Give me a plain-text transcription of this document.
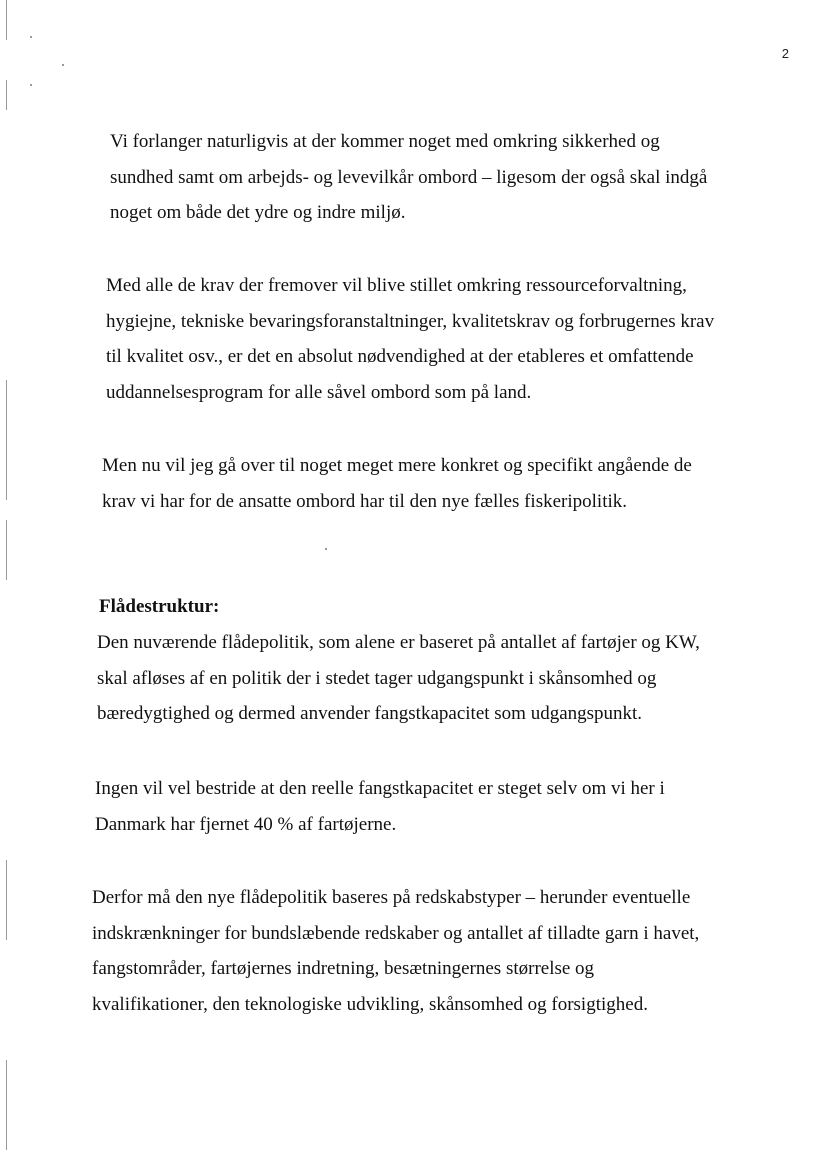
2

Vi forlanger naturligvis at der kommer noget med omkring sikkerhed og
sundhed samt om arbejds- og levevilkår ombord – ligesom der også skal indgå
noget om både det ydre og indre miljø.

Med alle de krav der fremover vil blive stillet omkring ressourceforvaltning,
hygiejne, tekniske bevaringsforanstaltninger, kvalitetskrav og forbrugernes krav
til kvalitet osv., er det en absolut nødvendighed at der etableres et omfattende
uddannelsesprogram for alle såvel ombord som på land.

Men nu vil jeg gå over til noget meget mere konkret og specifikt angående de
krav vi har for de ansatte ombord har til den nye fælles fiskeripolitik.

Flådestruktur:

Den nuværende flådepolitik, som alene er baseret på antallet af fartøjer og KW,
skal afløses af en politik der i stedet tager udgangspunkt i skånsomhed og
bæredygtighed og dermed anvender fangstkapacitet som udgangspunkt.

Ingen vil vel bestride at den reelle fangstkapacitet er steget selv om vi her i
Danmark har fjernet 40 % af fartøjerne.

Derfor må den nye flådepolitik baseres på redskabstyper – herunder eventuelle
indskrænkninger for bundslæbende redskaber og antallet af tilladte garn i havet,
fangstområder, fartøjernes indretning, besætningernes størrelse og
kvalifikationer, den teknologiske udvikling, skånsomhed og forsigtighed.
